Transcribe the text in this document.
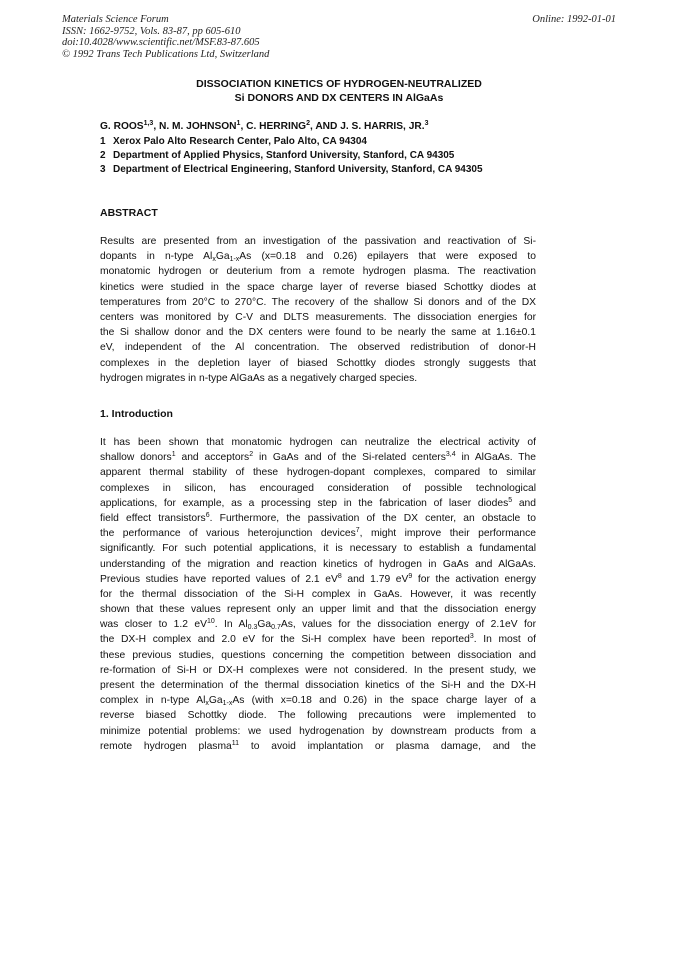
Materials Science Forum
ISSN: 1662-9752, Vols. 83-87, pp 605-610
doi:10.4028/www.scientific.net/MSF.83-87.605
© 1992 Trans Tech Publications Ltd, Switzerland
Online: 1992-01-01
DISSOCIATION KINETICS OF HYDROGEN-NEUTRALIZED
Si DONORS AND DX CENTERS IN AlGaAs
G. ROOS$^{1,3}$, N. M. JOHNSON$^1$, C. HERRING$^2$, AND J. S. HARRIS, JR.$^3$
1 Xerox Palo Alto Research Center, Palo Alto, CA 94304
2 Department of Applied Physics, Stanford University, Stanford, CA 94305
3 Department of Electrical Engineering, Stanford University, Stanford, CA 94305
ABSTRACT
Results are presented from an investigation of the passivation and reactivation of Si-
dopants in n-type $Al_xGa_{1-x}As$ (x=0.18 and 0.26) epilayers that were exposed to
monatomic hydrogen or deuterium from a remote hydrogen plasma. The reactivation
kinetics were studied in the space charge layer of reverse biased Schottky diodes at
temperatures from 20°C to 270°C. The recovery of the shallow Si donors and of the DX
centers was monitored by C-V and DLTS measurements. The dissociation energies for
the Si shallow donor and the DX centers were found to be nearly the same at 1.16±0.1
eV, independent of the Al concentration. The observed redistribution of donor-H
complexes in the depletion layer of biased Schottky diodes strongly suggests that
hydrogen migrates in n-type AlGaAs as a negatively charged species.
1. Introduction
It has been shown that monatomic hydrogen can neutralize the electrical activity of
shallow donors$^1$ and acceptors$^2$ in GaAs and of the Si-related centers$^{3,4}$ in AlGaAs. The
apparent thermal stability of these hydrogen-dopant complexes, compared to similar
complexes in silicon, has encouraged consideration of possible technological
applications, for example, as a processing step in the fabrication of laser diodes$^5$ and
field effect transistors$^6$. Furthermore, the passivation of the DX center, an obstacle to
the performance of various heterojunction devices$^7$, might improve their performance
significantly. For such potential applications, it is necessary to establish a fundamental
understanding of the migration and reaction kinetics of hydrogen in GaAs and AlGaAs.
Previous studies have reported values of 2.1 $eV^8$ and 1.79 $eV^9$ for the activation energy
for the thermal dissociation of the Si-H complex in GaAs. However, it was recently
shown that these values represent only an upper limit and that the dissociation energy
was closer to 1.2 $eV^{10}$. In $Al_{0.3}Ga_{0.7}As$, values for the dissociation energy of 2.1eV for
the DX-H complex and 2.0 eV for the Si-H complex have been reported$^3$. In most of
these previous studies, questions concerning the competition between dissociation and
re-formation of Si-H or DX-H complexes were not considered. In the present study, we
present the determination of the thermal dissociation kinetics of the Si-H and the DX-H
complex in n-type $Al_xGa_{1-x}As$ (with x=0.18 and 0.26) in the space charge layer of a
reverse biased Schottky diode. The following precautions were implemented to
minimize potential problems: we used hydrogenation by downstream products from a
remote hydrogen plasma$^{11}$ to avoid implantation or plasma damage, and the
